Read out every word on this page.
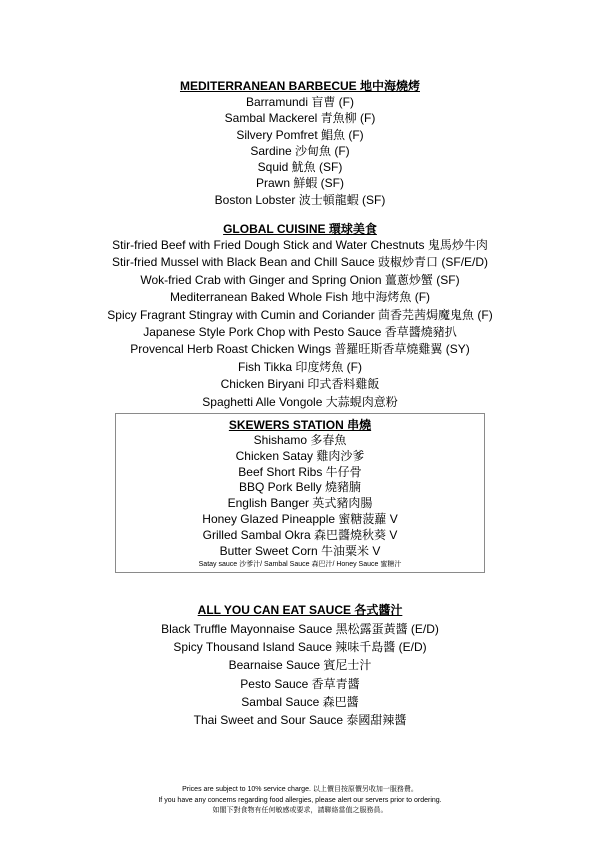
MEDITERRANEAN BARBECUE 地中海燒烤
Barramundi 盲曹 (F)
Sambal Mackerel 青魚柳 (F)
Silvery Pomfret 鯧魚 (F)
Sardine 沙甸魚 (F)
Squid 魷魚 (SF)
Prawn 鮮蝦 (SF)
Boston Lobster 波士頓龍蝦 (SF)
GLOBAL CUISINE 環球美食
Stir-fried Beef with Fried Dough Stick and Water Chestnuts 鬼馬炒牛肉
Stir-fried Mussel with Black Bean and Chill Sauce 豉椒炒青口 (SF/E/D)
Wok-fried Crab with Ginger and Spring Onion 薑蔥炒蟹 (SF)
Mediterranean Baked Whole Fish 地中海烤魚 (F)
Spicy Fragrant Stingray with Cumin and Coriander 茴香芫茜焗魔鬼魚 (F)
Japanese Style Pork Chop with Pesto Sauce 香草醬燒豬扒
Provencal Herb Roast Chicken Wings 普羅旺斯香草燒雞翼 (SY)
Fish Tikka 印度烤魚 (F)
Chicken Biryani 印式香料雞飯
Spaghetti Alle Vongole 大蒜蜆肉意粉
SKEWERS STATION 串燒
Shishamo 多春魚
Chicken Satay 雞肉沙爹
Beef Short Ribs 牛仔骨
BBQ Pork Belly 燒豬腩
English Banger 英式豬肉腸
Honey Glazed Pineapple 蜜糖菠蘿 V
Grilled Sambal Okra 森巴醬燒秋葵 V
Butter Sweet Corn 牛油粟米 V
Satay sauce 沙爹汁/ Sambal Sauce 森巴汁/ Honey Sauce 蜜糖汁
ALL YOU CAN EAT SAUCE 各式醬汁
Black Truffle Mayonnaise Sauce 黑松露蛋黃醬 (E/D)
Spicy Thousand Island Sauce 辣味千島醬 (E/D)
Bearnaise Sauce 賓尼士汁
Pesto Sauce 香草青醬
Sambal Sauce 森巴醬
Thai Sweet and Sour Sauce 泰國甜辣醬
Prices are subject to 10% service charge. 以上價目按原價另收加一服務費。
If you have any concerns regarding food allergies, please alert our servers prior to ordering.
如閣下對食物有任何敏感或要求，請聯絡當值之服務員。
